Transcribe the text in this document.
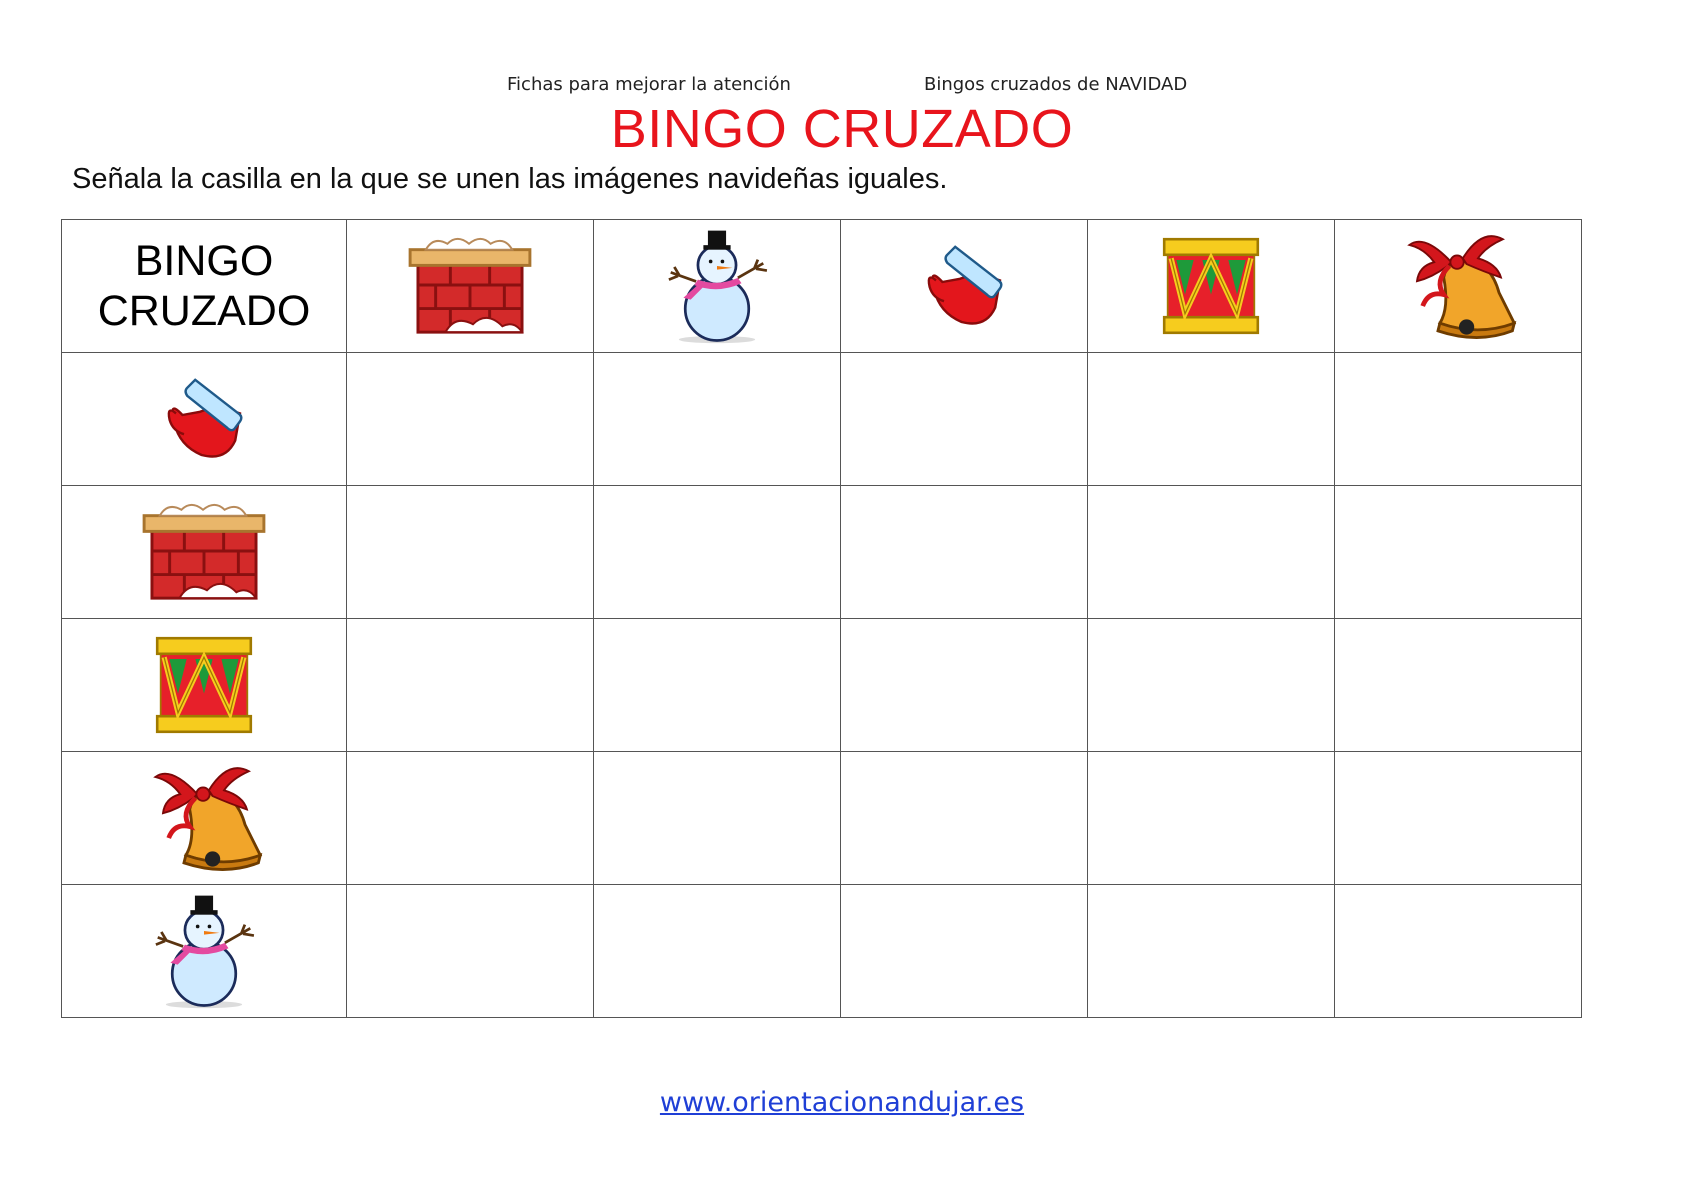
Fichas para mejorar la atención	Bingos cruzados de NAVIDAD
BINGO CRUZADO
Señala la casilla en la que se unen las imágenes navideñas iguales.
BINGO
CRUZADO

www.orientacionandujar.es
